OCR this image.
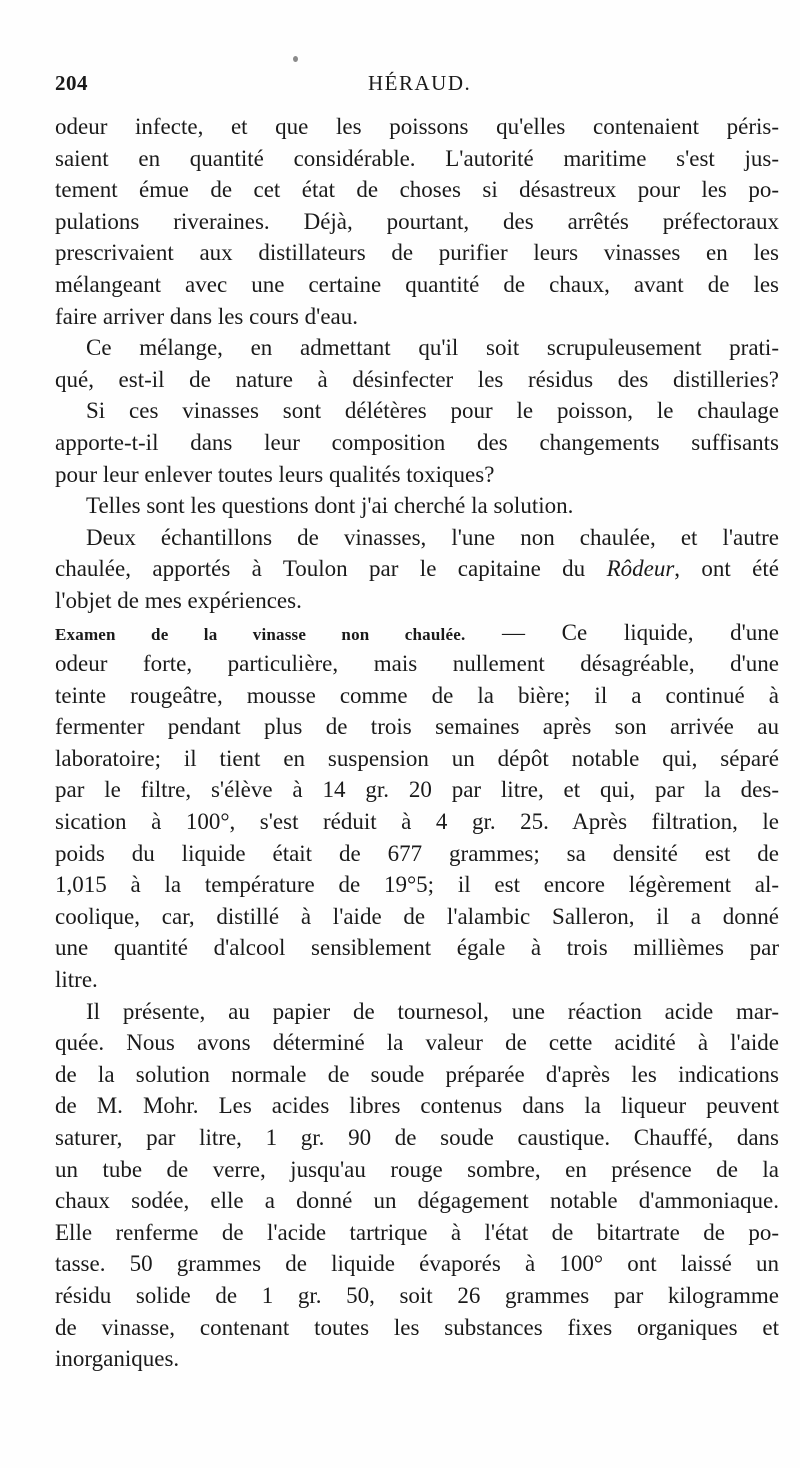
204	HÉRAUD.
odeur infecte, et que les poissons qu'elles contenaient péris-
saient en quantité considérable. L'autorité maritime s'est jus-
tement émue de cet état de choses si désastreux pour les po-
pulations riveraines. Déjà, pourtant, des arrêtés préfectoraux
prescrivaient aux distillateurs de purifier leurs vinasses en les
mélangeant avec une certaine quantité de chaux, avant de les
faire arriver dans les cours d'eau.
Ce mélange, en admettant qu'il soit scrupuleusement prati-
qué, est-il de nature à désinfecter les résidus des distilleries?
Si ces vinasses sont délétères pour le poisson, le chaulage
apporte-t-il dans leur composition des changements suffisants
pour leur enlever toutes leurs qualités toxiques?
Telles sont les questions dont j'ai cherché la solution.
Deux échantillons de vinasses, l'une non chaulée, et l'autre
chaulée, apportés à Toulon par le capitaine du Rôdeur, ont été
l'objet de mes expériences.
Examen de la vinasse non chaulée. — Ce liquide, d'une
odeur forte, particulière, mais nullement désagréable, d'une
teinte rougeâtre, mousse comme de la bière; il a continué à
fermenter pendant plus de trois semaines après son arrivée au
laboratoire; il tient en suspension un dépôt notable qui, séparé
par le filtre, s'élève à 14 gr. 20 par litre, et qui, par la des-
sication à 100°, s'est réduit à 4 gr. 25. Après filtration, le
poids du liquide était de 677 grammes; sa densité est de
1,015 à la température de 19°5; il est encore légèrement al-
coolique, car, distillé à l'aide de l'alambic Salleron, il a donné
une quantité d'alcool sensiblement égale à trois millièmes par
litre.
Il présente, au papier de tournesol, une réaction acide mar-
quée. Nous avons déterminé la valeur de cette acidité à l'aide
de la solution normale de soude préparée d'après les indications
de M. Mohr. Les acides libres contenus dans la liqueur peuvent
saturer, par litre, 1 gr. 90 de soude caustique. Chauffé, dans
un tube de verre, jusqu'au rouge sombre, en présence de la
chaux sodée, elle a donné un dégagement notable d'ammoniaque.
Elle renferme de l'acide tartrique à l'état de bitartrate de po-
tasse. 50 grammes de liquide évaporés à 100° ont laissé un
résidu solide de 1 gr. 50, soit 26 grammes par kilogramme
de vinasse, contenant toutes les substances fixes organiques et
inorganiques.
